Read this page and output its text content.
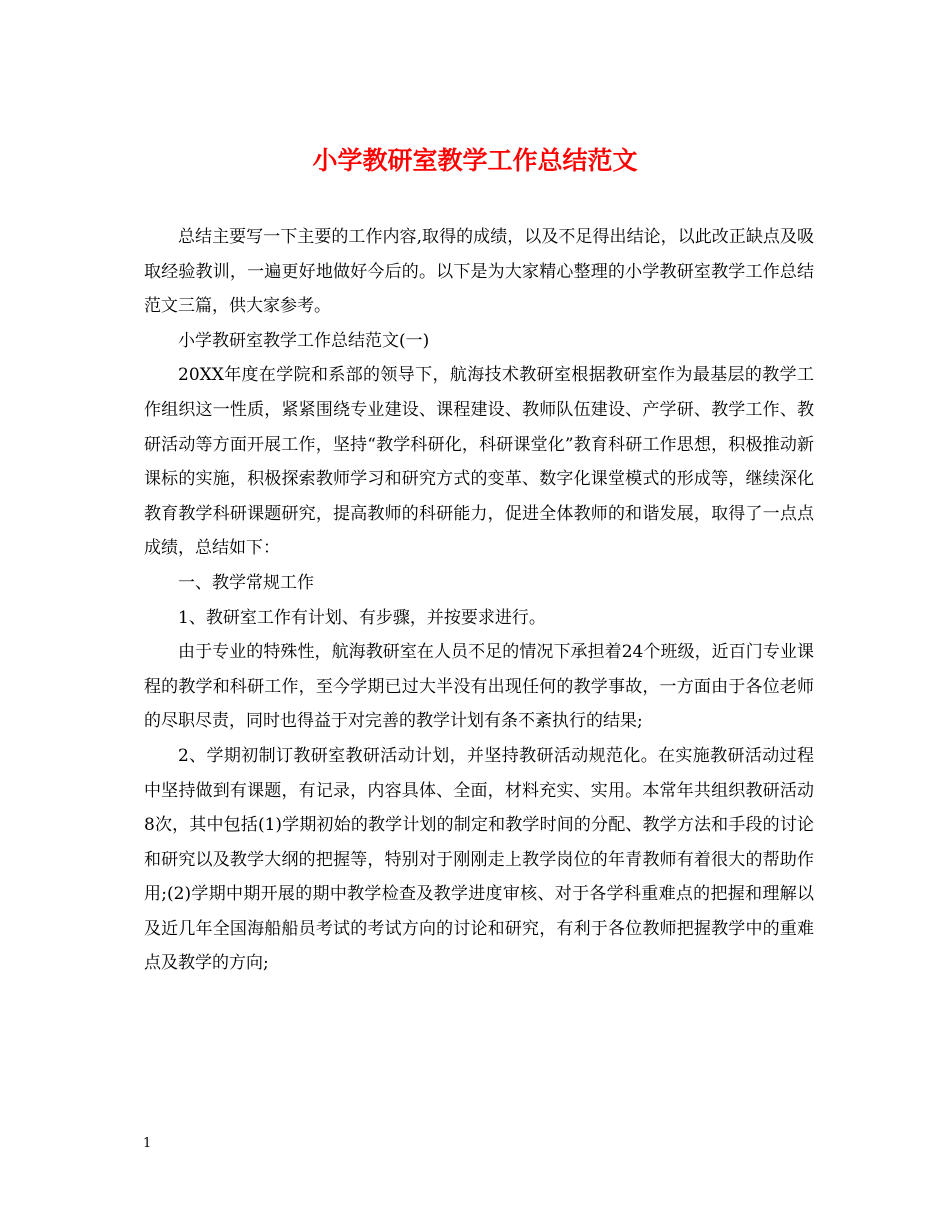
小学教研室教学工作总结范文

总结主要写一下主要的工作内容,取得的成绩，以及不足得出结论，以此改正缺点及吸取经验教训，一遍更好地做好今后的。以下是为大家精心整理的小学教研室教学工作总结范文三篇，供大家参考。

小学教研室教学工作总结范文(一)

20XX年度在学院和系部的领导下，航海技术教研室根据教研室作为最基层的教学工作组织这一性质，紧紧围绕专业建设、课程建设、教师队伍建设、产学研、教学工作、教研活动等方面开展工作，坚持“教学科研化，科研课堂化”教育科研工作思想，积极推动新课标的实施，积极探索教师学习和研究方式的变革、数字化课堂模式的形成等，继续深化教育教学科研课题研究，提高教师的科研能力，促进全体教师的和谐发展，取得了一点点成绩，总结如下：

一、教学常规工作

1、教研室工作有计划、有步骤，并按要求进行。

由于专业的特殊性，航海教研室在人员不足的情况下承担着24个班级，近百门专业课程的教学和科研工作，至今学期已过大半没有出现任何的教学事故，一方面由于各位老师的尽职尽责，同时也得益于对完善的教学计划有条不紊执行的结果;

2、学期初制订教研室教研活动计划，并坚持教研活动规范化。在实施教研活动过程中坚持做到有课题，有记录，内容具体、全面，材料充实、实用。本常年共组织教研活动8次，其中包括(1)学期初始的教学计划的制定和教学时间的分配、教学方法和手段的讨论和研究以及教学大纲的把握等，特别对于刚刚走上教学岗位的年青教师有着很大的帮助作用;(2)学期中期开展的期中教学检查及教学进度审核、对于各学科重难点的把握和理解以及近几年全国海船船员考试的考试方向的讨论和研究，有利于各位教师把握教学中的重难点及教学的方向;

1
